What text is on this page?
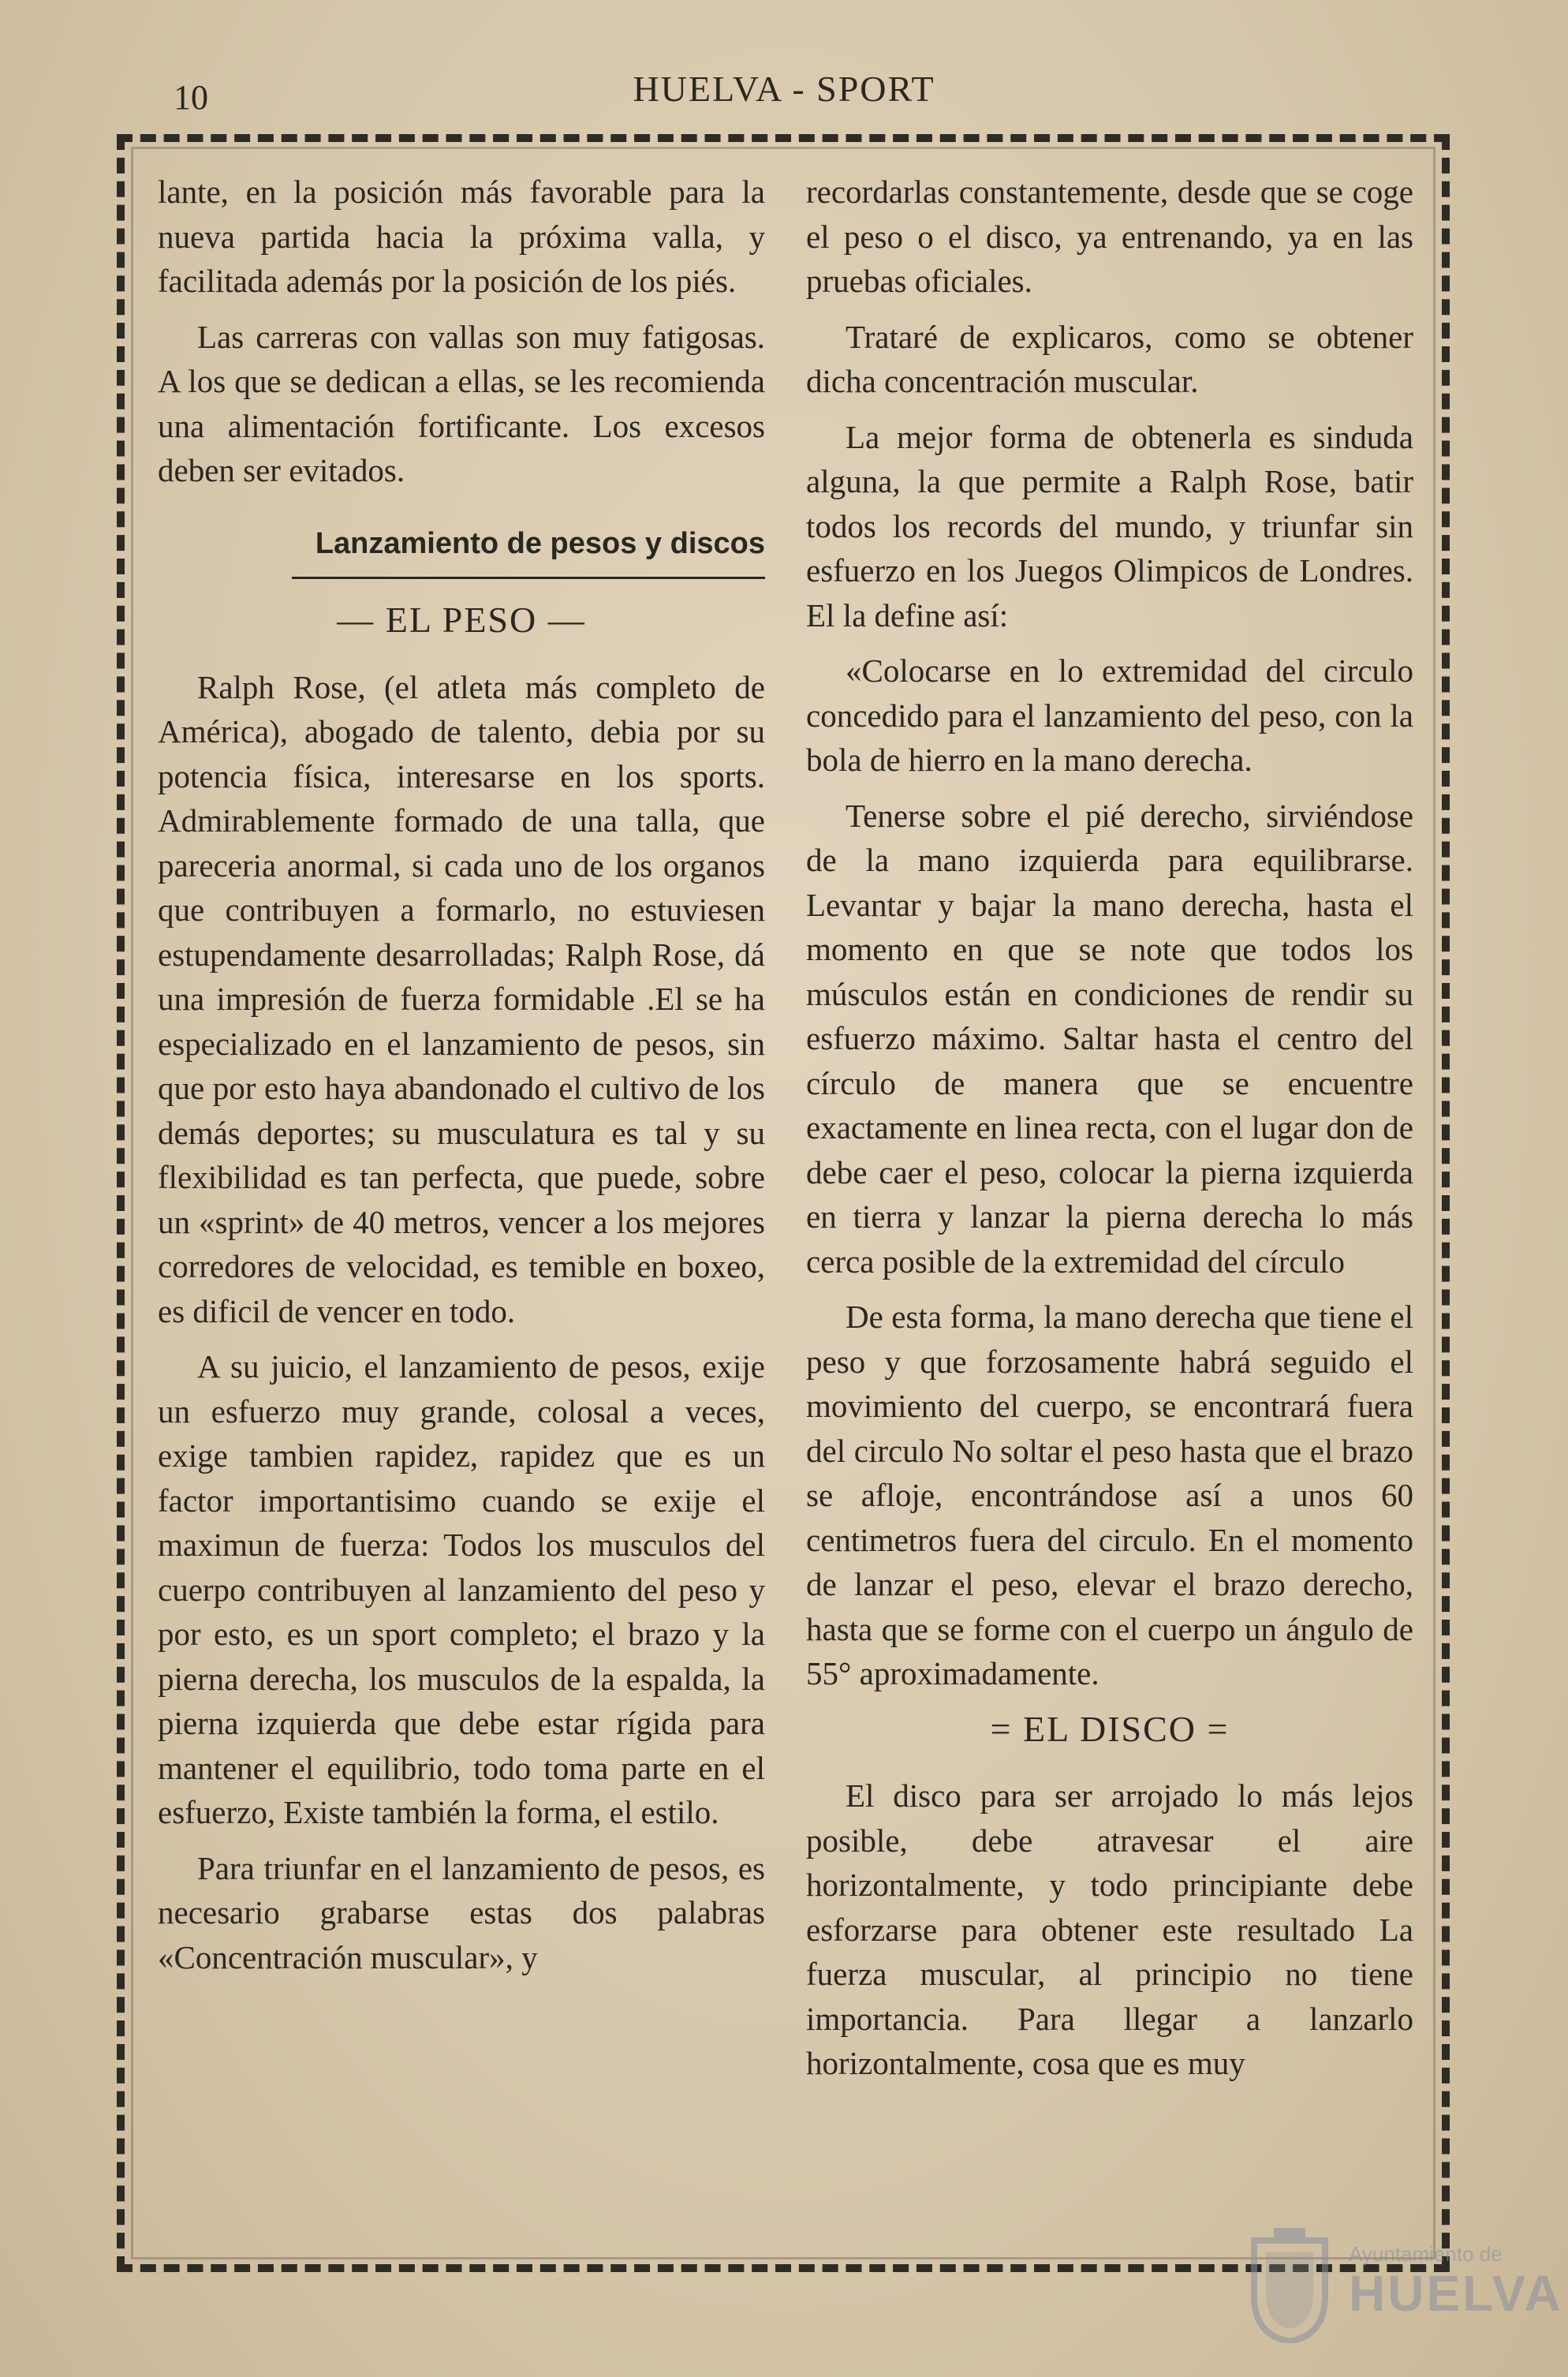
10	HUELVA - SPORT

lante, en la posición más favorable para la nueva partida hacia la próxima valla, y facilitada además por la posición de los piés.

Las carreras con vallas son muy fatigosas. A los que se dedican a ellas, se les recomienda una alimentación fortificante. Los excesos deben ser evitados.

Lanzamiento de pesos y discos
— EL PESO —

Ralph Rose, (el atleta más completo de América), abogado de talento, debia por su potencia física, interesarse en los sports. Admirablemente formado de una talla, que pareceria anormal, si cada uno de los organos que contribuyen a formarlo, no estuviesen estupendamente desarrolladas; Ralph Rose, dá una impresión de fuerza formidable .El se ha especializado en el lanzamiento de pesos, sin que por esto haya abandonado el cultivo de los demás deportes; su musculatura es tal y su flexibilidad es tan perfecta, que puede, sobre un «sprint» de 40 metros, vencer a los mejores corredores de velocidad, es temible en boxeo, es dificil de vencer en todo.

A su juicio, el lanzamiento de pesos, exije un esfuerzo muy grande, colosal a veces, exige tambien rapidez, rapidez que es un factor importantisimo cuando se exije el maximun de fuerza: Todos los musculos del cuerpo contribuyen al lanzamiento del peso y por esto, es un sport completo; el brazo y la pierna derecha, los musculos de la espalda, la pierna izquierda que debe estar rígida para mantener el equilibrio, todo toma parte en el esfuerzo, Existe también la forma, el estilo.

Para triunfar en el lanzamiento de pesos, es necesario grabarse estas dos palabras «Concentración muscular», y

recordarlas constantemente, desde que se coge el peso o el disco, ya entrenando, ya en las pruebas oficiales.

Trataré de explicaros, como se obtener dicha concentración muscular.

La mejor forma de obtenerla es sinduda alguna, la que permite a Ralph Rose, batir todos los records del mundo, y triunfar sin esfuerzo en los Juegos Olimpicos de Londres. El la define así:

«Colocarse en lo extremidad del circulo concedido para el lanzamiento del peso, con la bola de hierro en la mano derecha.

Tenerse sobre el pié derecho, sirviéndose de la mano izquierda para equilibrarse. Levantar y bajar la mano derecha, hasta el momento en que se note que todos los músculos están en condiciones de rendir su esfuerzo máximo. Saltar hasta el centro del círculo de manera que se encuentre exactamente en linea recta, con el lugar don de debe caer el peso, colocar la pierna izquierda en tierra y lanzar la pierna derecha lo más cerca posible de la extremidad del círculo

De esta forma, la mano derecha que tiene el peso y que forzosamente habrá seguido el movimiento del cuerpo, se encontrará fuera del circulo No soltar el peso hasta que el brazo se afloje, encontrándose así a unos 60 centimetros fuera del circulo. En el momento de lanzar el peso, elevar el brazo derecho, hasta que se forme con el cuerpo un ángulo de 55° aproximadamente.

= EL DISCO =

El disco para ser arrojado lo más lejos posible, debe atravesar el aire horizontalmente, y todo principiante debe esforzarse para obtener este resultado La fuerza muscular, al principio no tiene importancia. Para llegar a lanzarlo horizontalmente, cosa que es muy

Ayuntamiento de
HUELVA
